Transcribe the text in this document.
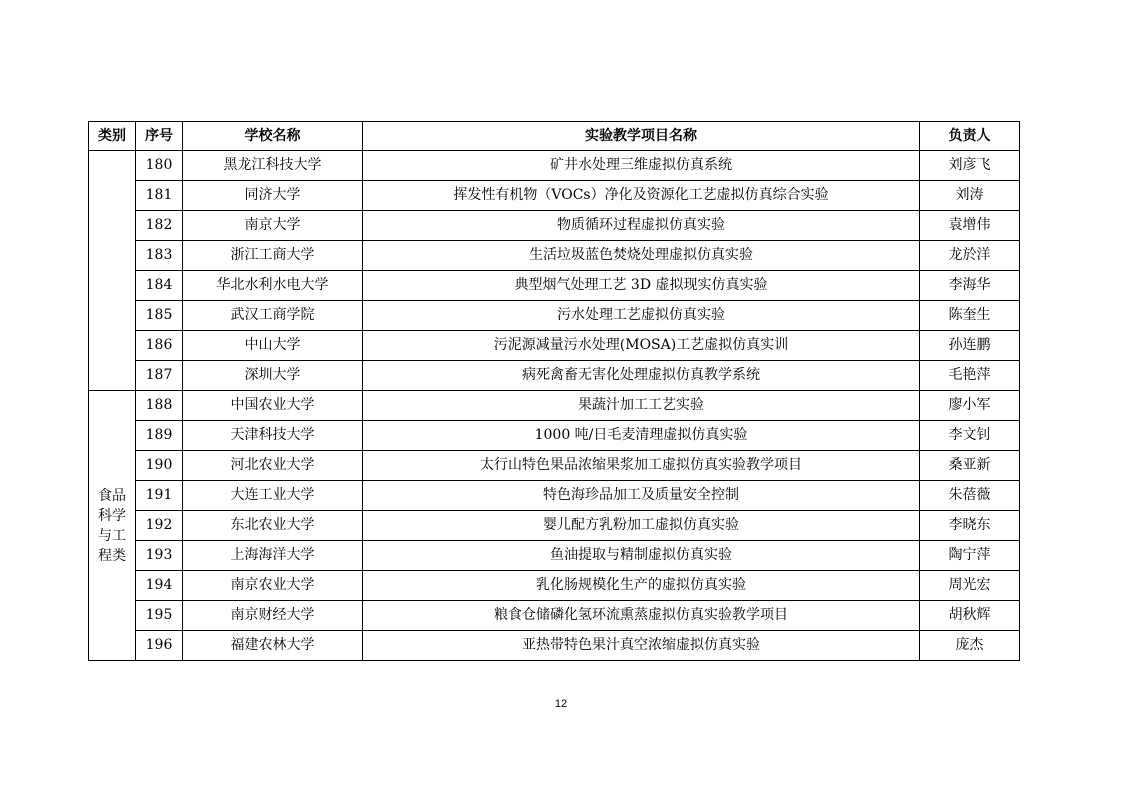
类别	序号	学校名称	实验教学项目名称	负责人
	180	黑龙江科技大学	矿井水处理三维虚拟仿真系统	刘彦飞
	181	同济大学	挥发性有机物（VOCs）净化及资源化工艺虚拟仿真综合实验	刘涛
	182	南京大学	物质循环过程虚拟仿真实验	袁增伟
	183	浙江工商大学	生活垃圾蓝色焚烧处理虚拟仿真实验	龙於洋
	184	华北水利水电大学	典型烟气处理工艺 3D 虚拟现实仿真实验	李海华
	185	武汉工商学院	污水处理工艺虚拟仿真实验	陈奎生
	186	中山大学	污泥源减量污水处理(MOSA)工艺虚拟仿真实训	孙连鹏
	187	深圳大学	病死禽畜无害化处理虚拟仿真教学系统	毛艳萍
食品科学与工程类	188	中国农业大学	果蔬汁加工工艺实验	廖小军
	189	天津科技大学	1000 吨/日毛麦清理虚拟仿真实验	李文钊
	190	河北农业大学	太行山特色果品浓缩果浆加工虚拟仿真实验教学项目	桑亚新
	191	大连工业大学	特色海珍品加工及质量安全控制	朱蓓薇
	192	东北农业大学	婴儿配方乳粉加工虚拟仿真实验	李晓东
	193	上海海洋大学	鱼油提取与精制虚拟仿真实验	陶宁萍
	194	南京农业大学	乳化肠规模化生产的虚拟仿真实验	周光宏
	195	南京财经大学	粮食仓储磷化氢环流熏蒸虚拟仿真实验教学项目	胡秋辉
	196	福建农林大学	亚热带特色果汁真空浓缩虚拟仿真实验	庞杰
12
